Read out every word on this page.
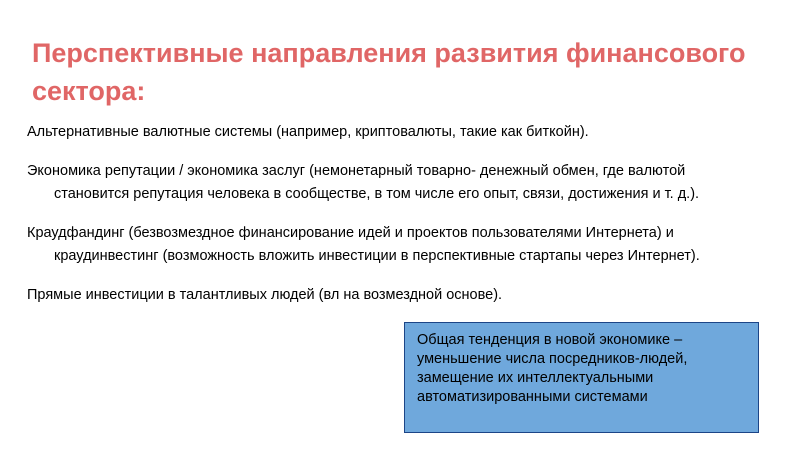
Перспективные направления развития финансового сектора:

Альтернативные валютные системы (например, криптовалюты, такие как биткойн).

Экономика репутации / экономика заслуг (немонетарный товарно- денежный обмен, где валютой становится репутация человека в сообществе, в том числе его опыт, связи, достижения и т. д.).

Краудфандинг (безвозмездное финансирование идей и проектов пользователями Интернета) и краудинвестинг (возможность вложить инвестиции в перспективные стартапы через Интернет).

Прямые инвестиции в талантливых людей (вл на возмездной основе).

Общая тенденция в новой экономике – уменьшение числа посредников-людей, замещение их интеллектуальными автоматизированными системами
